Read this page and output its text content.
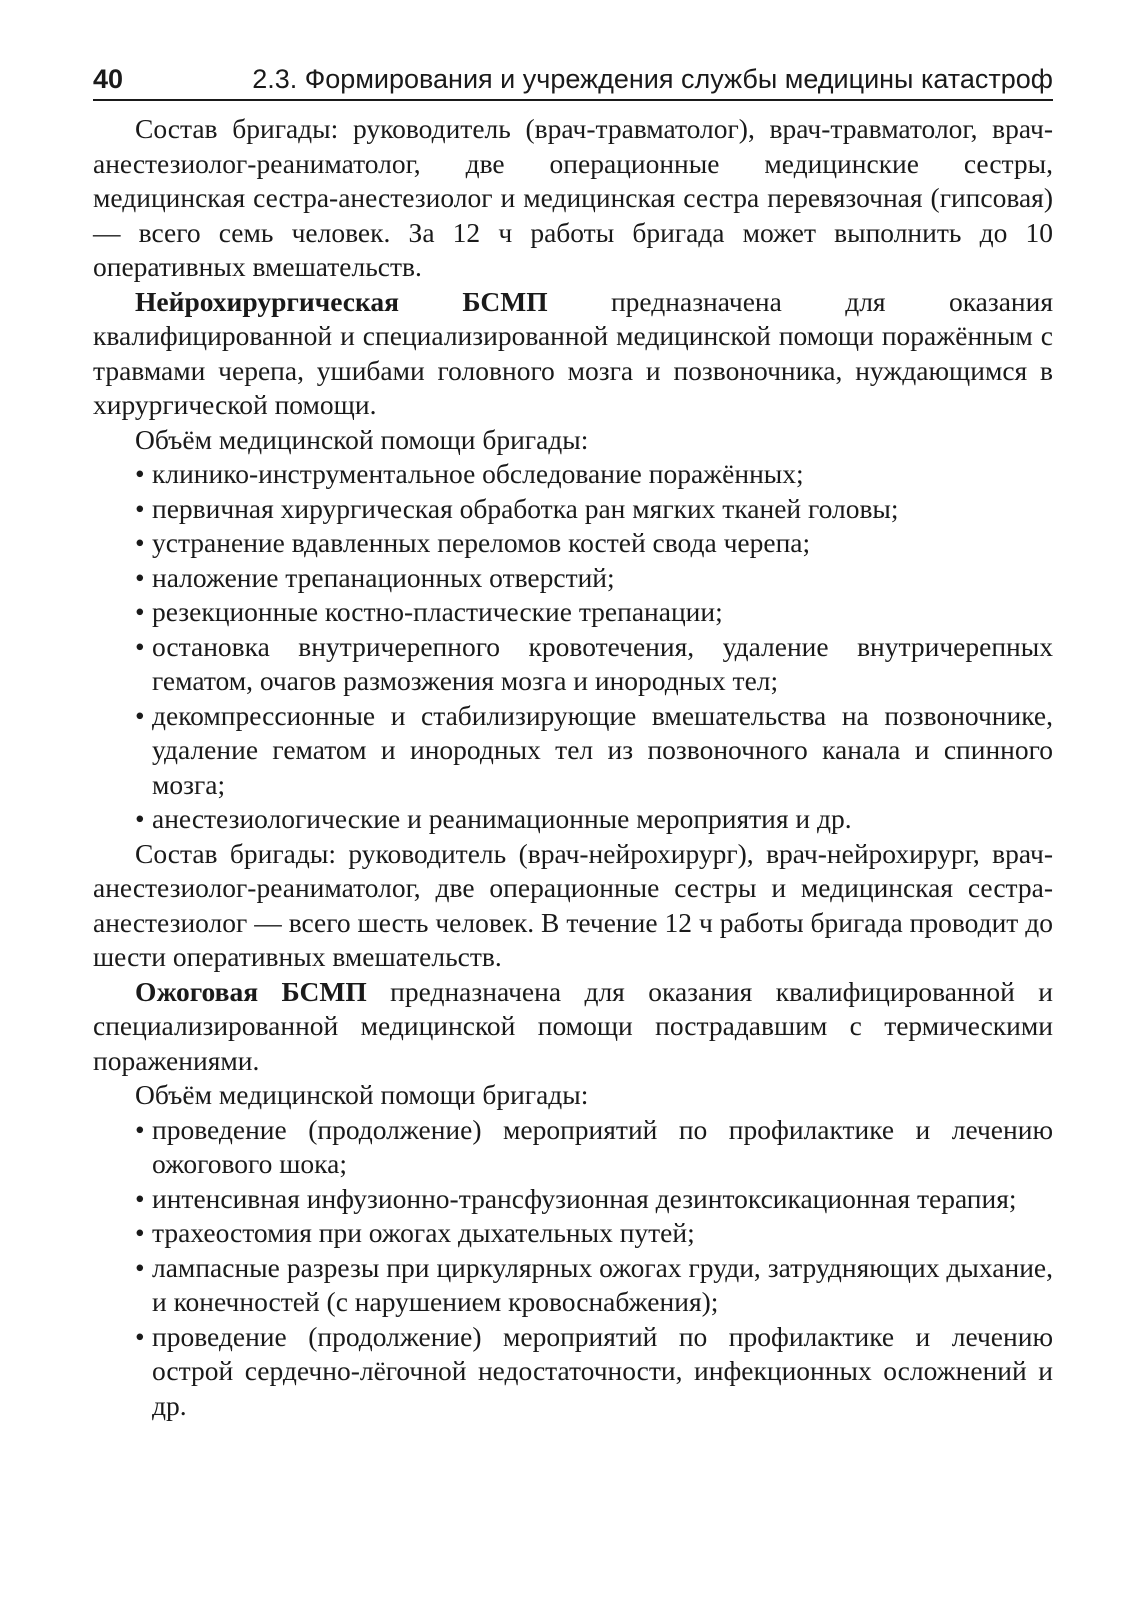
40	2.3. Формирования и учреждения службы медицины катастроф

Состав бригады: руководитель (врач-травматолог), врач-травматолог, врач-анестезиолог-реаниматолог, две операционные медицинские сестры, медицинская сестра-анестезиолог и медицинская сестра перевязочная (гипсовая) — всего семь человек. За 12 ч работы бригада может выполнить до 10 оперативных вмешательств.

Нейрохирургическая БСМП предназначена для оказания квалифицированной и специализированной медицинской помощи поражённым с травмами черепа, ушибами головного мозга и позвоночника, нуждающимся в хирургической помощи.

Объём медицинской помощи бригады:

• клинико-инструментальное обследование поражённых;
• первичная хирургическая обработка ран мягких тканей головы;
• устранение вдавленных переломов костей свода черепа;
• наложение трепанационных отверстий;
• резекционные костно-пластические трепанации;
• остановка внутричерепного кровотечения, удаление внутричерепных гематом, очагов размозжения мозга и инородных тел;
• декомпрессионные и стабилизирующие вмешательства на позвоночнике, удаление гематом и инородных тел из позвоночного канала и спинного мозга;
• анестезиологические и реанимационные мероприятия и др.

Состав бригады: руководитель (врач-нейрохирург), врач-нейрохирург, врач-анестезиолог-реаниматолог, две операционные сестры и медицинская сестра-анестезиолог — всего шесть человек. В течение 12 ч работы бригада проводит до шести оперативных вмешательств.

Ожоговая БСМП предназначена для оказания квалифицированной и специализированной медицинской помощи пострадавшим с термическими поражениями.

Объём медицинской помощи бригады:

• проведение (продолжение) мероприятий по профилактике и лечению ожогового шока;
• интенсивная инфузионно-трансфузионная дезинтоксикационная терапия;
• трахеостомия при ожогах дыхательных путей;
• лампасные разрезы при циркулярных ожогах груди, затрудняющих дыхание, и конечностей (с нарушением кровоснабжения);
• проведение (продолжение) мероприятий по профилактике и лечению острой сердечно-лёгочной недостаточности, инфекционных осложнений и др.
